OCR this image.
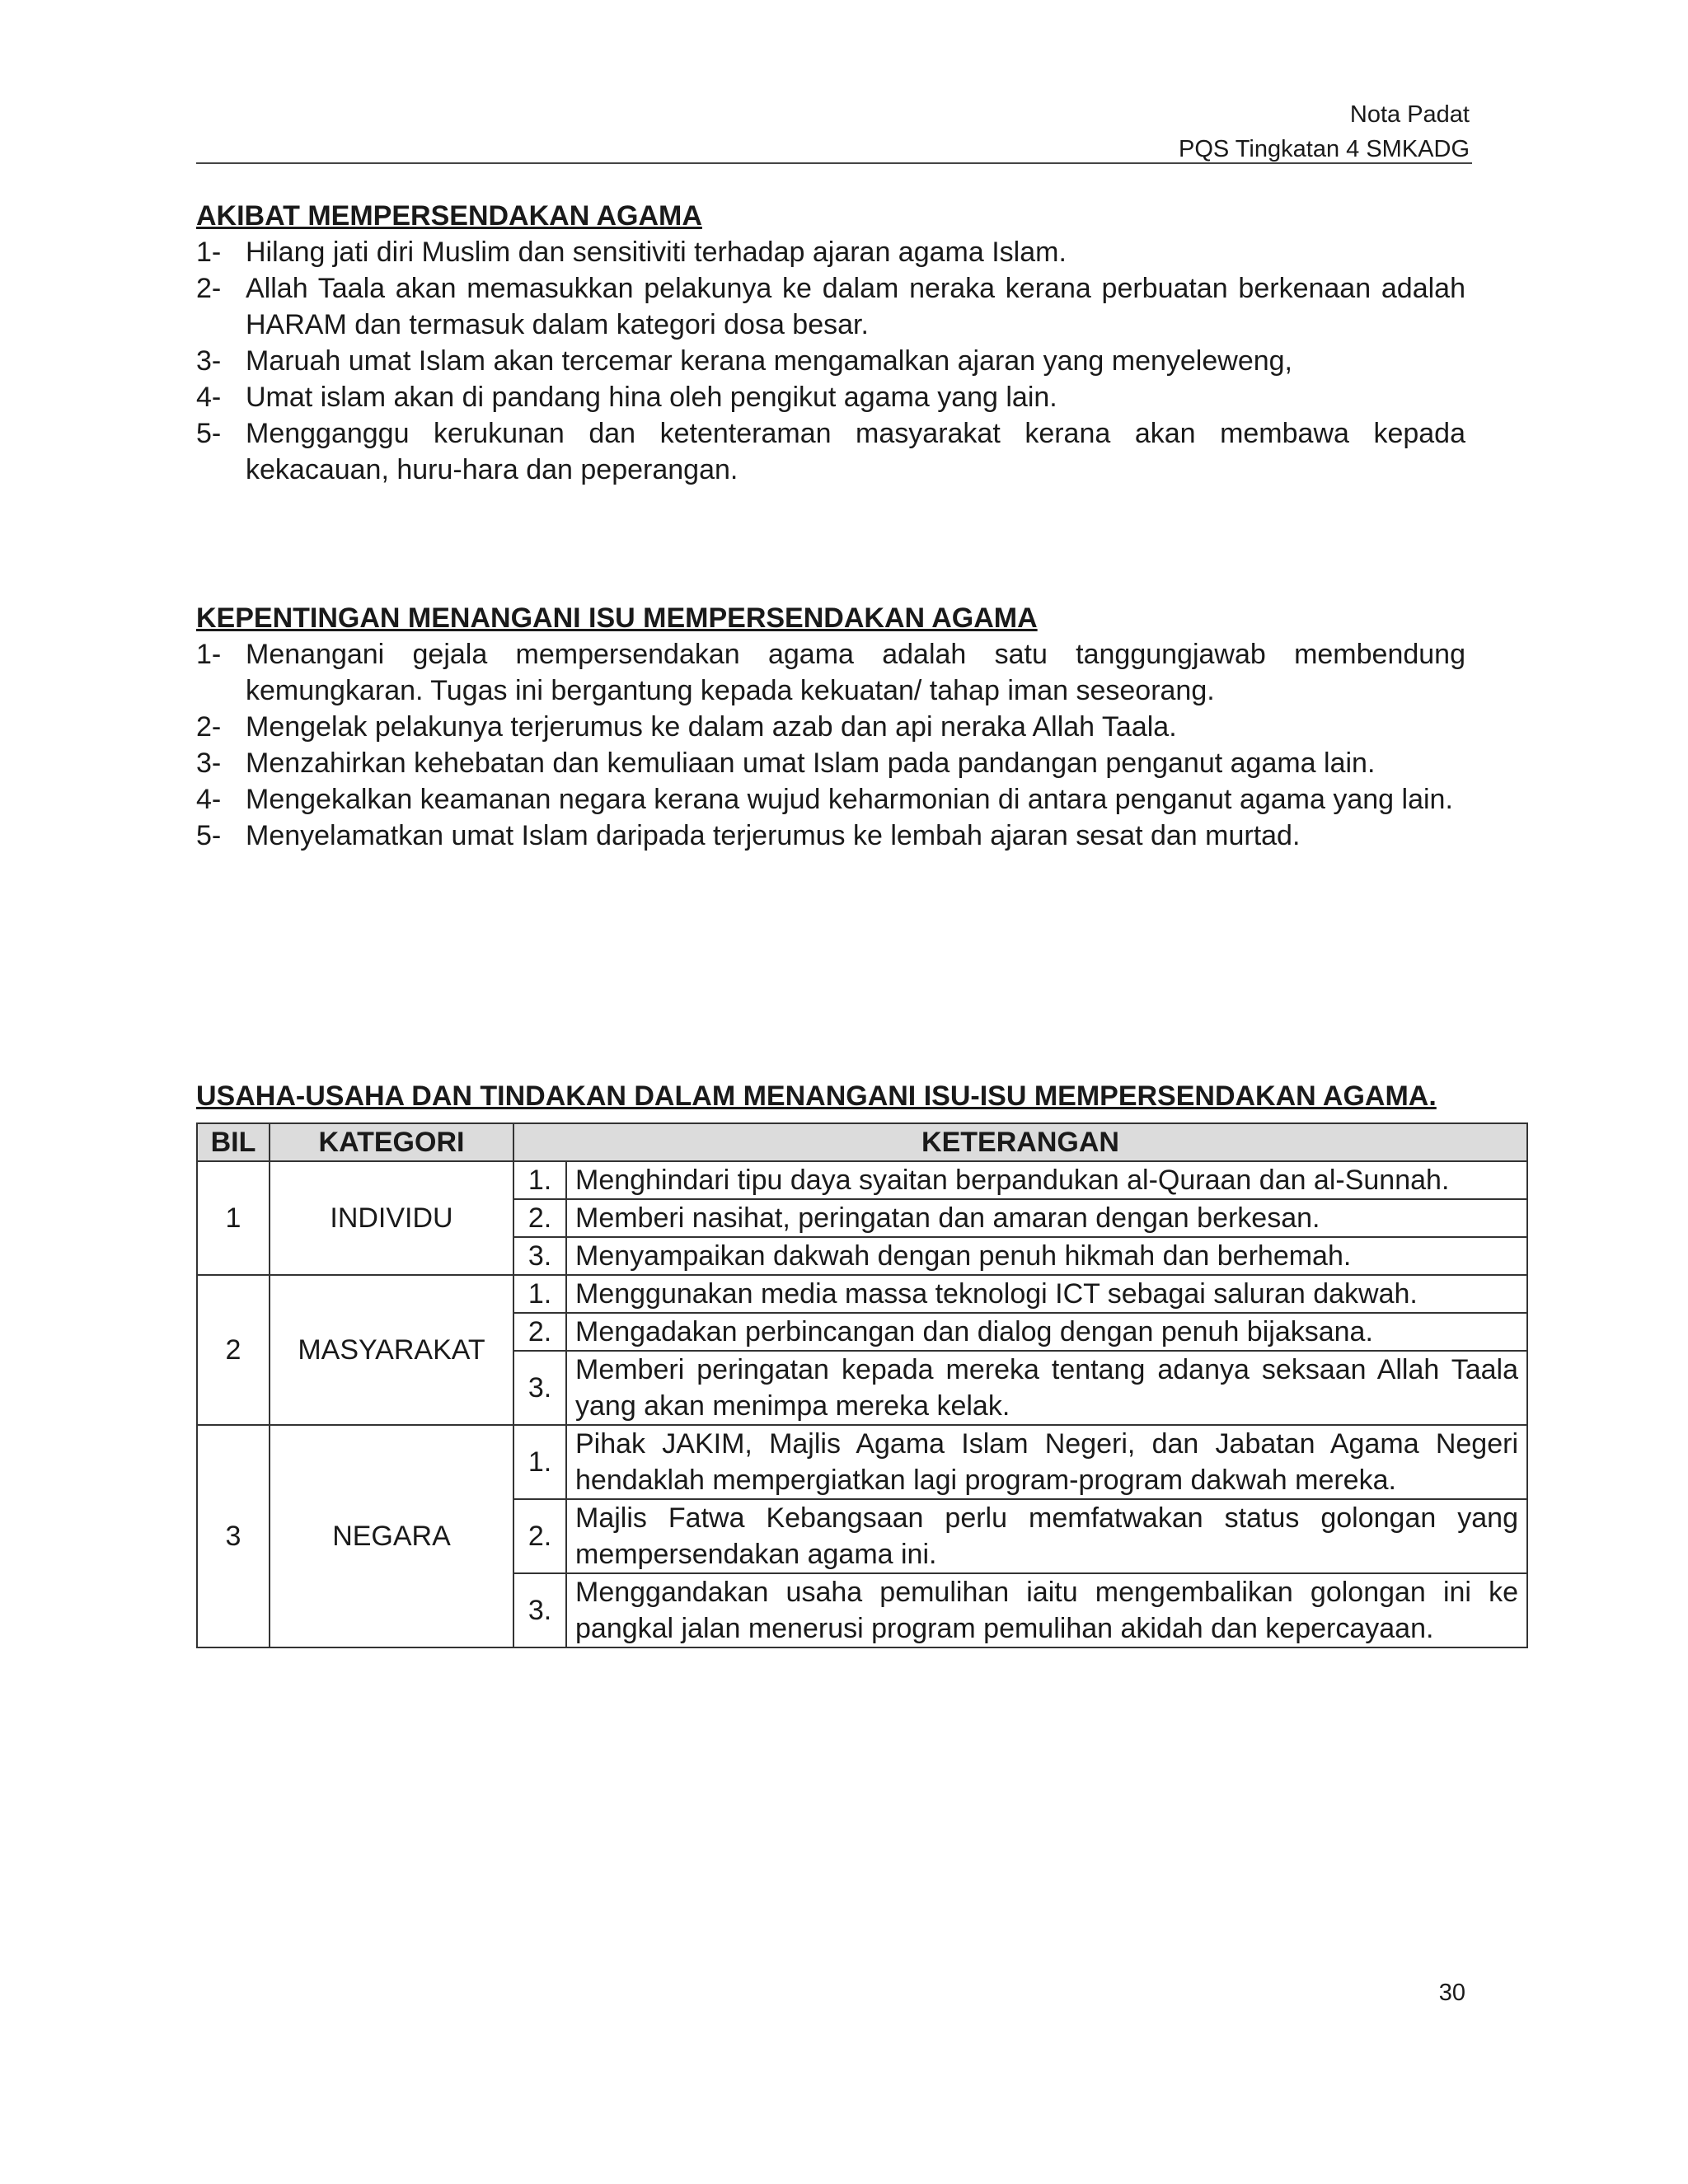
Nota Padat
PQS Tingkatan 4 SMKADG
AKIBAT MEMPERSENDAKAN AGAMA
1- Hilang jati diri Muslim dan sensitiviti terhadap ajaran agama Islam.
2- Allah Taala akan memasukkan pelakunya ke dalam neraka kerana perbuatan berkenaan adalah HARAM dan termasuk dalam kategori dosa besar.
3- Maruah umat Islam akan tercemar kerana mengamalkan ajaran yang menyeleweng,
4- Umat islam akan di pandang hina oleh pengikut agama yang lain.
5- Mengganggu kerukunan dan ketenteraman masyarakat kerana akan membawa kepada kekacauan, huru-hara dan peperangan.
KEPENTINGAN MENANGANI ISU MEMPERSENDAKAN AGAMA
1- Menangani gejala mempersendakan agama adalah satu tanggungjawab membendung kemungkaran. Tugas ini bergantung kepada kekuatan/ tahap iman seseorang.
2- Mengelak pelakunya terjerumus ke dalam azab dan api neraka Allah Taala.
3- Menzahirkan kehebatan dan kemuliaan umat Islam pada pandangan penganut agama lain.
4- Mengekalkan keamanan negara kerana wujud keharmonian di antara penganut agama yang lain.
5- Menyelamatkan umat Islam daripada terjerumus ke lembah ajaran sesat dan murtad.
USAHA-USAHA DAN TINDAKAN DALAM MENANGANI ISU-ISU MEMPERSENDAKAN AGAMA.
BIL	KATEGORI	KETERANGAN	
1	INDIVIDU	1.	Menghindari tipu daya syaitan berpandukan al-Quraan dan al-Sunnah.
		2.	Memberi nasihat, peringatan dan amaran dengan berkesan.
		3.	Menyampaikan dakwah dengan penuh hikmah dan berhemah.
2	MASYARAKAT	1.	Menggunakan media massa teknologi ICT sebagai saluran dakwah.
		2.	Mengadakan perbincangan dan dialog dengan penuh bijaksana.
		3.	Memberi peringatan kepada mereka tentang adanya seksaan Allah Taala yang akan menimpa mereka kelak.
3	NEGARA	1.	Pihak JAKIM, Majlis Agama Islam Negeri, dan Jabatan Agama Negeri hendaklah mempergiatkan lagi program-program dakwah mereka.
		2.	Majlis Fatwa Kebangsaan perlu memfatwakan status golongan yang mempersendakan agama ini.
		3.	Menggandakan usaha pemulihan iaitu mengembalikan golongan ini ke pangkal jalan menerusi program pemulihan akidah dan kepercayaan.
30
